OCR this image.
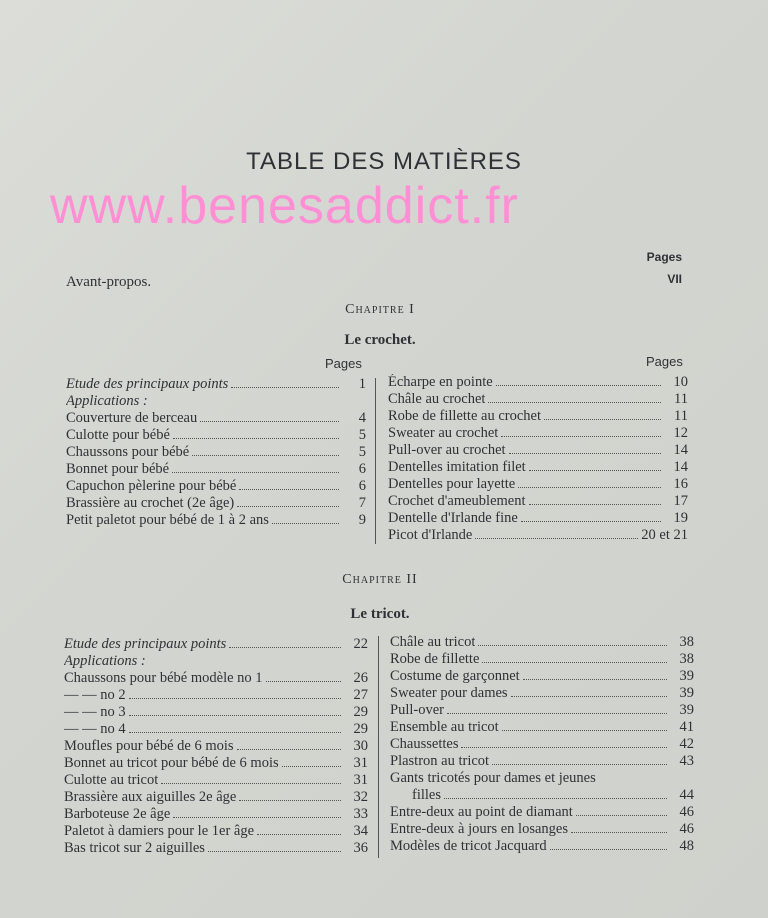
TABLE DES MATIÈRES
www.benesaddict.fr
Pages
Avant-propos.	VII
Chapitre I
Le crochet.
Pages	Pages
Etude des principaux points	1
Applications :
Couverture de berceau	4
Culotte pour bébé	5
Chaussons pour bébé	5
Bonnet pour bébé	6
Capuchon pèlerine pour bébé	6
Brassière au crochet (2e âge)	7
Petit paletot pour bébé de 1 à 2 ans	9
Écharpe en pointe	10
Châle au crochet	11
Robe de fillette au crochet	11
Sweater au crochet	12
Pull-over au crochet	14
Dentelles imitation filet	14
Dentelles pour layette	16
Crochet d'ameublement	17
Dentelle d'Irlande fine	19
Picot d'Irlande	20 et 21
Chapitre II
Le tricot.
Etude des principaux points	22
Applications :
Chaussons pour bébé modèle no 1	26
— — no 2	27
— — no 3	29
— — no 4	29
Moufles pour bébé de 6 mois	30
Bonnet au tricot pour bébé de 6 mois	31
Culotte au tricot	31
Brassière aux aiguilles 2e âge	32
Barboteuse 2e âge	33
Paletot à damiers pour le 1er âge	34
Bas tricot sur 2 aiguilles	36
Châle au tricot	38
Robe de fillette	38
Costume de garçonnet	39
Sweater pour dames	39
Pull-over	39
Ensemble au tricot	41
Chaussettes	42
Plastron au tricot	43
Gants tricotés pour dames et jeunes
filles	44
Entre-deux au point de diamant	46
Entre-deux à jours en losanges	46
Modèles de tricot Jacquard	48
